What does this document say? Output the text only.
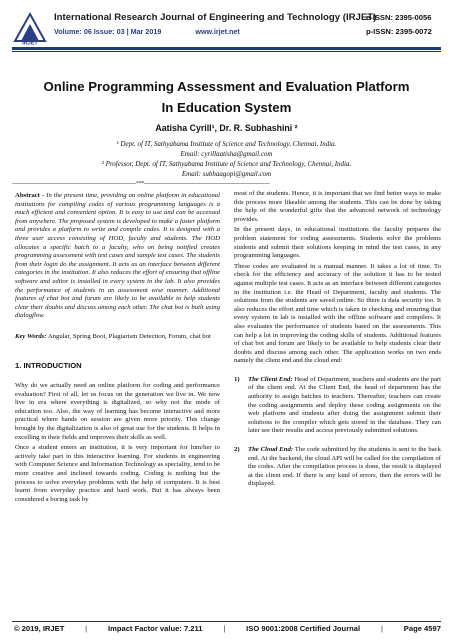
IRJET
International Research Journal of Engineering and Technology (IRJET)
Volume: 06 Issue: 03 | Mar 2019	www.irjet.net
e-ISSN: 2395-0056
p-ISSN: 2395-0072
Online Programming Assessment and Evaluation Platform
In Education System
Aatisha Cyrill¹, Dr. R. Subhashini ²
¹ Dept. of IT, Sathyabama Institute of Science and Technology, Chennai, India.
Email: cyrillaatisha@gmail.com
² Professor, Dept. of IT, Sathyabama Institute of Science and Technology, Chennai, India.
Email: subhaagopi@gmail.com
-------------------------------------------------------------------------***--------------------------------------------------------------------------

Abstract - In the present time, providing an online platform in educational institutions for compiling codes of various programming languages is a much efficient and convenient option. It is easy to use and can be accessed from anywhere. The proposed system is developed to make a faster platform and provides a platform to write and compile codes. It is designed with a three user access consisting of HOD, faculty and students. The HOD allocates a specific batch to a faculty, who on being notified creates programming assessment with test cases and sample test cases. The students from their login do the assignment. It acts as an interface between different categories in the institution. It also reduces the effort of ensuring that offline software and editor is installed in every system in the lab. It also provides the performance of students in an assessment wise manner. Additional features of chat bot and forum are likely to be available to help students clear their doubts and discuss among each other. The chat bot is built using dialogflow.

Key Words: Angular, Spring Boot, Plagiarism Detection, Forum, chat bot

1. INTRODUCTION

Why do we actually need an online platform for coding and performance evaluation? First of all, let us focus on the generation we live in. We now live in era where everything is digitalized, so why not the mode of education too. Also, the way of learning has become interactive and more practical where hands on session are given more priority. This change brought by the digitalization is also of great use for the students. It helps in excelling in their fields and improves their skills as well.

Once a student enters an institution, it is very important for him/her to actively take part in this interactive learning. For students in engineering with Computer Science and Information Technology as speciality, tend to be more creative and inclined towards coding. Coding is nothing but the process to solve everyday problems with the help of computers. It is best learnt from everyday practice and hard work. But it has always been considered a boring task by

most of the students. Hence, it is important that we find better ways to make this process more likeable among the students. This can be done by taking the help of the wonderful gifts that the advanced network of technology provides.

In the present days, in educational institutions the faculty prepares the problem statement for coding assessments. Students solve the problems students and submit their solutions keeping in mind the test cases, in any programming languages.

These codes are evaluated in a manual manner. It takes a lot of time. To check for the efficiency and accuracy of the solution it has to be tested against multiple test cases. It acts as an interface between different categories in the institution i.e. the Head of Department, faculty and students. The solutions from the students are saved online. So there is data security too. It also reduces the effort and time which is taken in checking and ensuring that every system in lab is installed with the offline software and compilers. It also evaluates the performance of students based on the assessments. This can help a lot in improving the coding skills of students. Additional features of chat bot and forum are likely to be available to help students clear their doubts and discuss among each other. The application works on two ends namely the client end and the cloud end:

1)	The Client End: Head of Department, teachers and students are the part of the client end. At the Client End, the head of department has the authority to assign batches to teachers. Thereafter, teachers can create the coding assignments and deploy these coding assignments on the web platform and students after doing the assignment submit their solutions to the compiler which gets stored in the database. They can later see their results and access previously submitted solutions.
2)	The Cloud End: The code submitted by the students is sent to the back end. At the backend, the cloud API will be called for the compilation of the codes. After the compilation process is done, the result is displayed at the client end. If there is any kind of errors, then the errors will be displayed.
© 2019, IRJET	|	Impact Factor value: 7.211	|	ISO 9001:2008 Certified Journal	|	Page 4597
